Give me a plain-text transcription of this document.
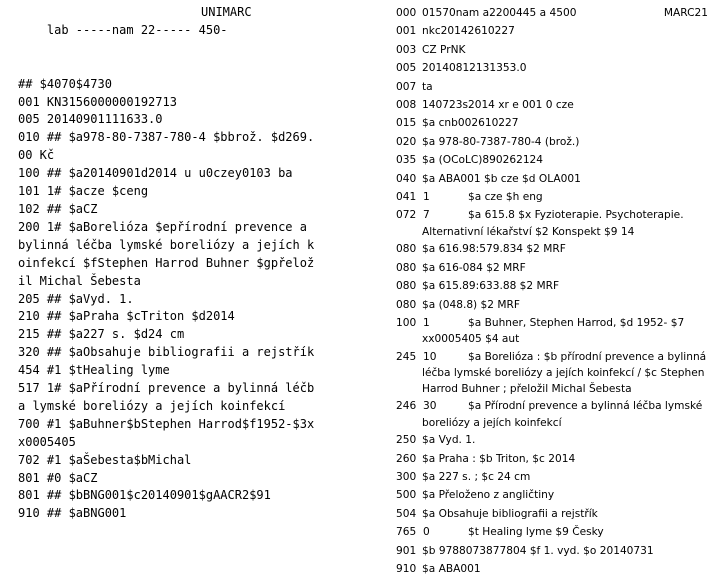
lab -----nam 22----- 450-

UNIMARC

## $4070$4730
001 KN3156000000192713
005 20140901111633.0
010 ## $a978-80-7387-780-4 $bbrož. $d269.00 Kč
100 ## $a20140901d2014 u u0czey0103 ba
101 1# $acze $ceng
102 ## $aCZ
200 1# $aBorelióza $epřírodní prevence a bylinná léčba lymské boreliózy a jejích koinfekcí $fStephen Harrod Buhner $gpřeložil Michal Šebesta
205 ## $aVyd. 1.
210 ## $aPraha $cTriton $d2014
215 ## $a227 s. $d24 cm
320 ## $aObsahuje bibliografii a rejstřík
454 #1 $tHealing lyme
517 1# $aPřírodní prevence a bylinná léčba lymské boreliózy a jejích koinfekcí
700 #1 $aBuhner$bStephen Harrod$f1952-$3xx0005405
702 #1 $aŠebesta$bMichal
801 #0 $aCZ
801 ## $bBNG001$c20140901$gAACR2$91
910 ## $aBNG001
000 01570nam a2200445 a 4500	MARC21
001 nkc20142610227
003 CZ PrNK
005 20140812131353.0
007 ta
008 140723s2014 xr e 001 0 cze
015 $a cnb002610227
020 $a 978-80-7387-780-4 (brož.)
035 $a (OCoLC)890262124
040 $a ABA001 $b cze $d OLA001
041 1	$a cze $h eng
072 7	$a 615.8 $x Fyzioterapie. Psychoterapie.
Alternativní lékařství $2 Konspekt $9 14
080 $a 616.98:579.834 $2 MRF
080 $a 616-084 $2 MRF
080 $a 615.89:633.88 $2 MRF
080 $a (048.8) $2 MRF
100 1	$a Buhner, Stephen Harrod, $d 1952- $7
xx0005405 $4 aut
245 10	$a Borelióza : $b přírodní prevence a bylinná
léčba lymské boreliózy a jejích koinfekcí / $c Stephen Harrod Buhner ; přeložil Michal Šebesta
246 30	$a Přírodní prevence a bylinná léčba lymské
boreliózy a jejích koinfekcí
250 $a Vyd. 1.
260 $a Praha : $b Triton, $c 2014
300 $a 227 s. ; $c 24 cm
500 $a Přeloženo z angličtiny
504 $a Obsahuje bibliografii a rejstřík
765 0	$t Healing lyme $9 Česky
901 $b 9788073877804 $f 1. vyd. $o 20140731
910 $a ABA001
